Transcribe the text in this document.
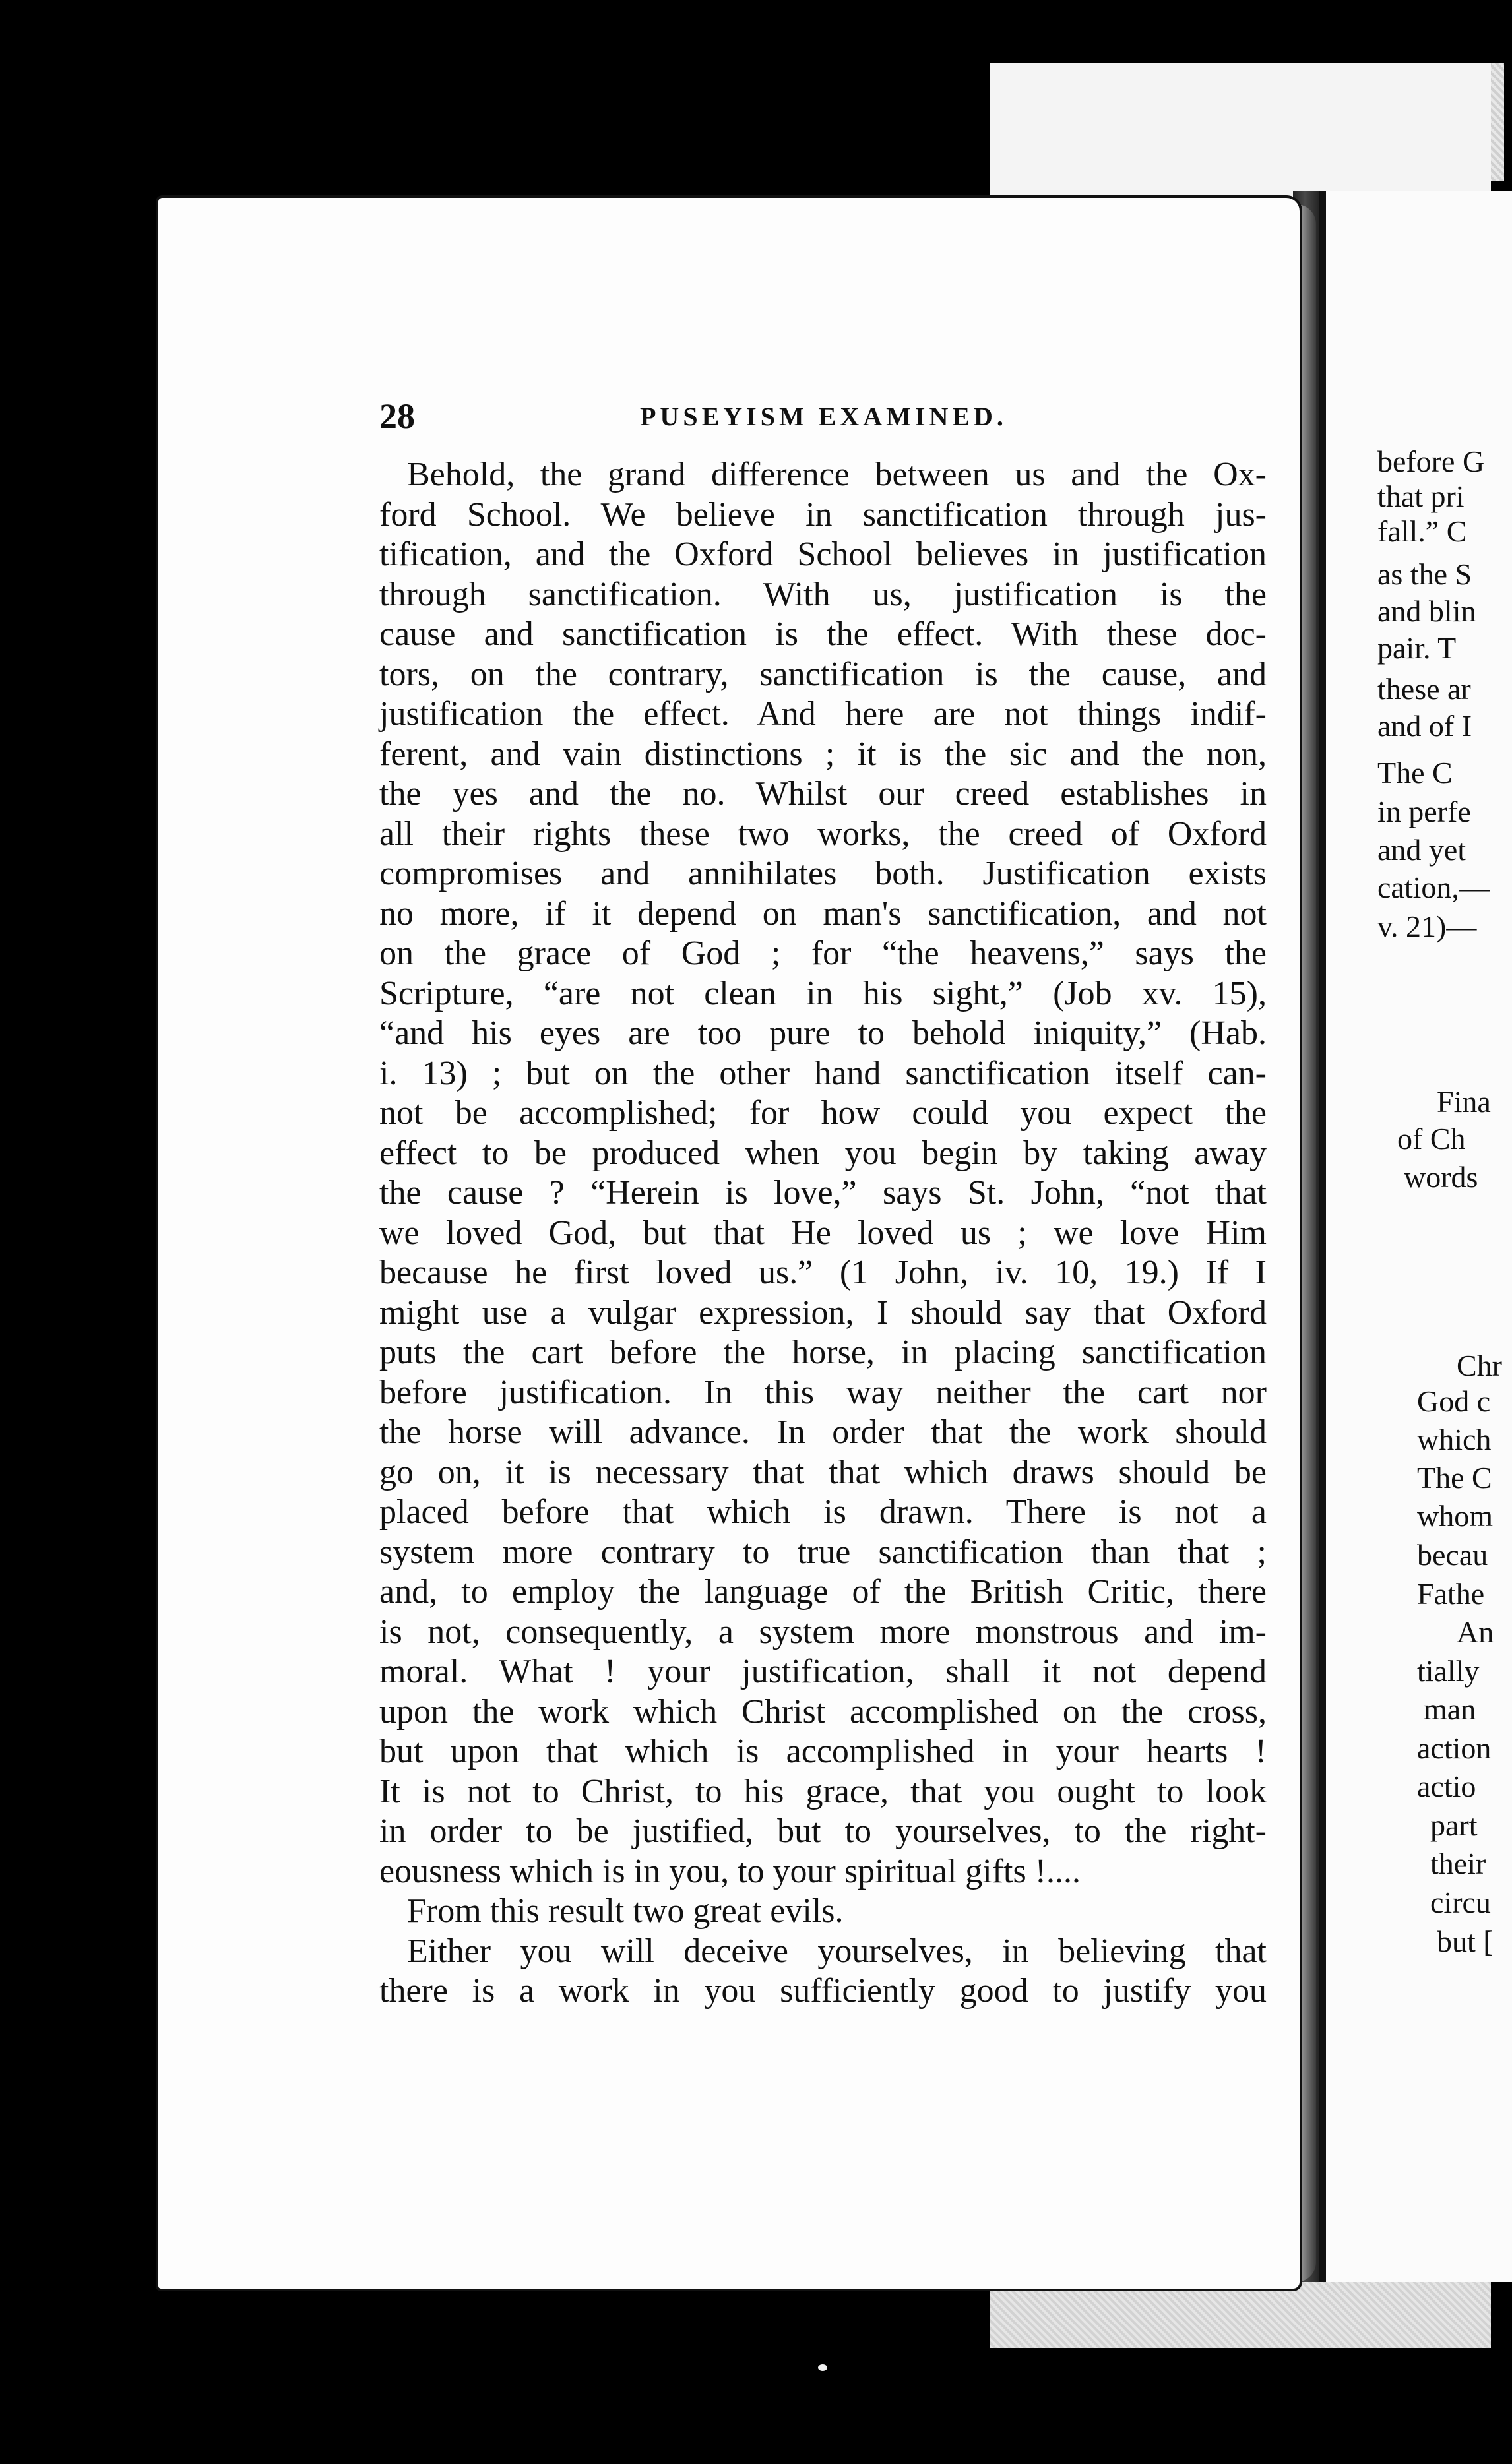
28	PUSEYISM EXAMINED.
Behold, the grand difference between us and the Ox-
ford School. We believe in sanctification through jus-
tification, and the Oxford School believes in justification
through sanctification. With us, justification is the
cause and sanctification is the effect. With these doc-
tors, on the contrary, sanctification is the cause, and
justification the effect. And here are not things indif-
ferent, and vain distinctions ; it is the sic and the non,
the yes and the no. Whilst our creed establishes in
all their rights these two works, the creed of Oxford
compromises and annihilates both. Justification exists
no more, if it depend on man's sanctification, and not
on the grace of God ; for “the heavens,” says the
Scripture, “are not clean in his sight,” (Job xv. 15),
“and his eyes are too pure to behold iniquity,” (Hab.
i. 13) ; but on the other hand sanctification itself can-
not be accomplished; for how could you expect the
effect to be produced when you begin by taking away
the cause ? “Herein is love,” says St. John, “not that
we loved God, but that He loved us ; we love Him
because he first loved us.” (1 John, iv. 10, 19.) If I
might use a vulgar expression, I should say that Oxford
puts the cart before the horse, in placing sanctification
before justification. In this way neither the cart nor
the horse will advance. In order that the work should
go on, it is necessary that that which draws should be
placed before that which is drawn. There is not a
system more contrary to true sanctification than that ;
and, to employ the language of the British Critic, there
is not, consequently, a system more monstrous and im-
moral. What ! your justification, shall it not depend
upon the work which Christ accomplished on the cross,
but upon that which is accomplished in your hearts !
It is not to Christ, to his grace, that you ought to look
in order to be justified, but to yourselves, to the right-
eousness which is in you, to your spiritual gifts !....
From this result two great evils.
Either you will deceive yourselves, in believing that
there is a work in you sufficiently good to justify you
before G
that pri
fall.” C
as the S
and blin
pair. T
these ar
and of I
The C
in perfe
and yet
cation,—
v. 21)—
Fina
of Ch
words
Chr
God c
which
The C
whom
becau
Fathe
An
tially
man
action
actio
part
their
circu
but [
